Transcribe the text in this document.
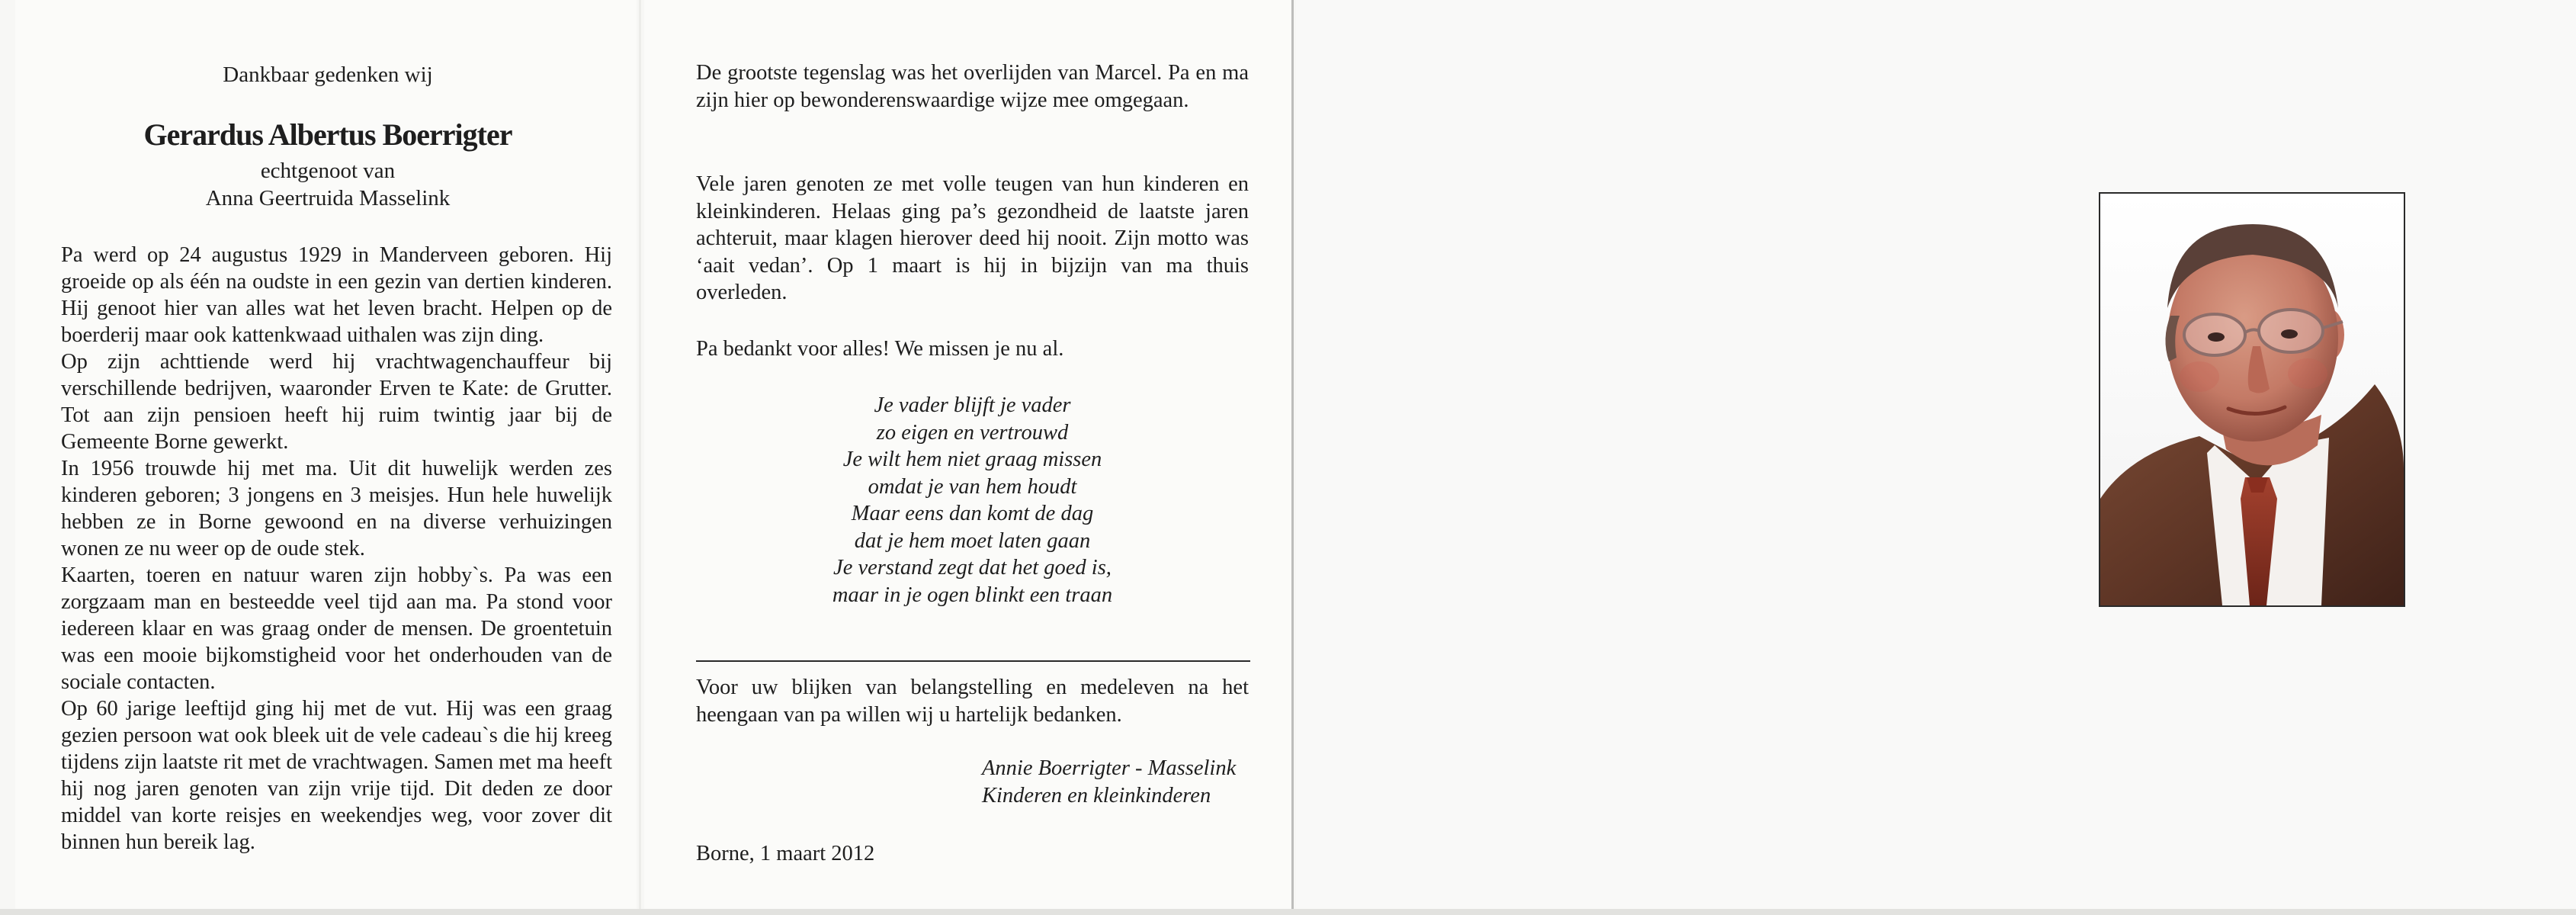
Dankbaar gedenken wij
Gerardus Albertus Boerrigter
echtgenoot van
Anna Geertruida Masselink

Pa werd op 24 augustus 1929 in Manderveen geboren. Hij groeide op als één na oudste in een gezin van dertien kinderen. Hij genoot hier van alles wat het leven bracht. Helpen op de boerderij maar ook kattenkwaad uithalen was zijn ding.

Op zijn achttiende werd hij vrachtwagenchauffeur bij verschillende bedrijven, waaronder Erven te Kate: de Grutter. Tot aan zijn pensioen heeft hij ruim twintig jaar bij de Gemeente Borne gewerkt.

In 1956 trouwde hij met ma. Uit dit huwelijk werden zes kinderen geboren; 3 jongens en 3 meisjes. Hun hele huwelijk hebben ze in Borne gewoond en na diverse verhuizingen wonen ze nu weer op de oude stek.

Kaarten, toeren en natuur waren zijn hobby`s. Pa was een zorgzaam man en besteedde veel tijd aan ma. Pa stond voor iedereen klaar en was graag onder de mensen. De groentetuin was een mooie bijkomstigheid voor het onderhouden van de sociale contacten.

Op 60 jarige leeftijd ging hij met de vut. Hij was een graag gezien persoon wat ook bleek uit de vele cadeau`s die hij kreeg tijdens zijn laatste rit met de vrachtwagen. Samen met ma heeft hij nog jaren genoten van zijn vrije tijd. Dit deden ze door middel van korte reisjes en weekendjes weg, voor zover dit binnen hun bereik lag.

De grootste tegenslag was het overlijden van Marcel. Pa en ma zijn hier op bewonderenswaardige wijze mee omgegaan.

Vele jaren genoten ze met volle teugen van hun kinderen en kleinkinderen. Helaas ging pa’s gezondheid de laatste jaren achteruit, maar klagen hierover deed hij nooit. Zijn motto was ‘aait vedan’. Op 1 maart is hij in bijzijn van ma thuis overleden.

Pa bedankt voor alles! We missen je nu al.

Je vader blijft je vader
zo eigen en vertrouwd
Je wilt hem niet graag missen
omdat je van hem houdt
Maar eens dan komt de dag
dat je hem moet laten gaan
Je verstand zegt dat het goed is,
maar in je ogen blinkt een traan

Voor uw blijken van belangstelling en medeleven na het heengaan van pa willen wij u hartelijk bedanken.

Annie Boerrigter - Masselink
Kinderen en kleinkinderen
Borne, 1 maart 2012
